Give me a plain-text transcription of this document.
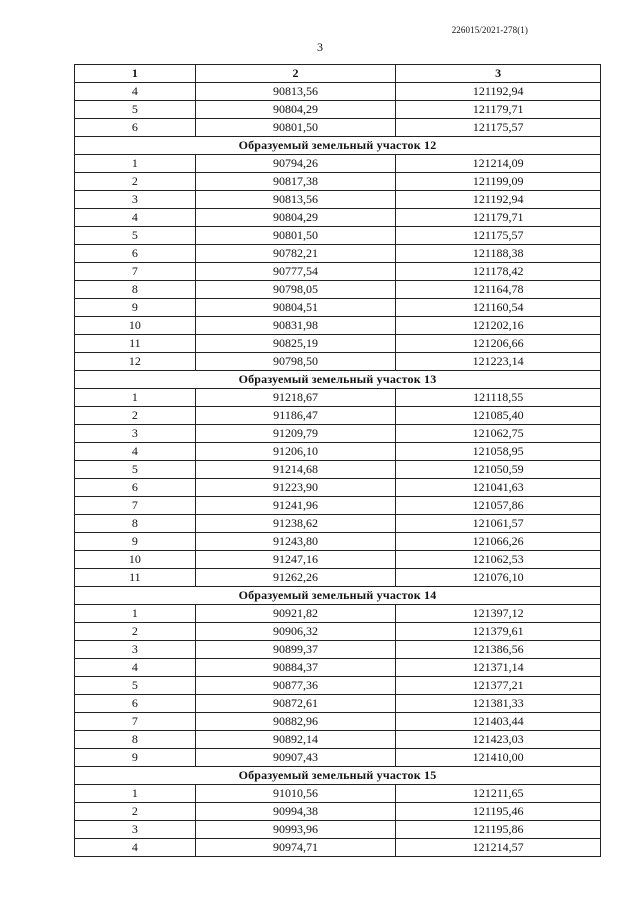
226015/2021-278(1)
3
1	2	3
4	90813,56	121192,94
5	90804,29	121179,71
6	90801,50	121175,57
Образуемый земельный участок 12		
1	90794,26	121214,09
2	90817,38	121199,09
3	90813,56	121192,94
4	90804,29	121179,71
5	90801,50	121175,57
6	90782,21	121188,38
7	90777,54	121178,42
8	90798,05	121164,78
9	90804,51	121160,54
10	90831,98	121202,16
11	90825,19	121206,66
12	90798,50	121223,14
Образуемый земельный участок 13		
1	91218,67	121118,55
2	91186,47	121085,40
3	91209,79	121062,75
4	91206,10	121058,95
5	91214,68	121050,59
6	91223,90	121041,63
7	91241,96	121057,86
8	91238,62	121061,57
9	91243,80	121066,26
10	91247,16	121062,53
11	91262,26	121076,10
Образуемый земельный участок 14		
1	90921,82	121397,12
2	90906,32	121379,61
3	90899,37	121386,56
4	90884,37	121371,14
5	90877,36	121377,21
6	90872,61	121381,33
7	90882,96	121403,44
8	90892,14	121423,03
9	90907,43	121410,00
Образуемый земельный участок 15		
1	91010,56	121211,65
2	90994,38	121195,46
3	90993,96	121195,86
4	90974,71	121214,57
